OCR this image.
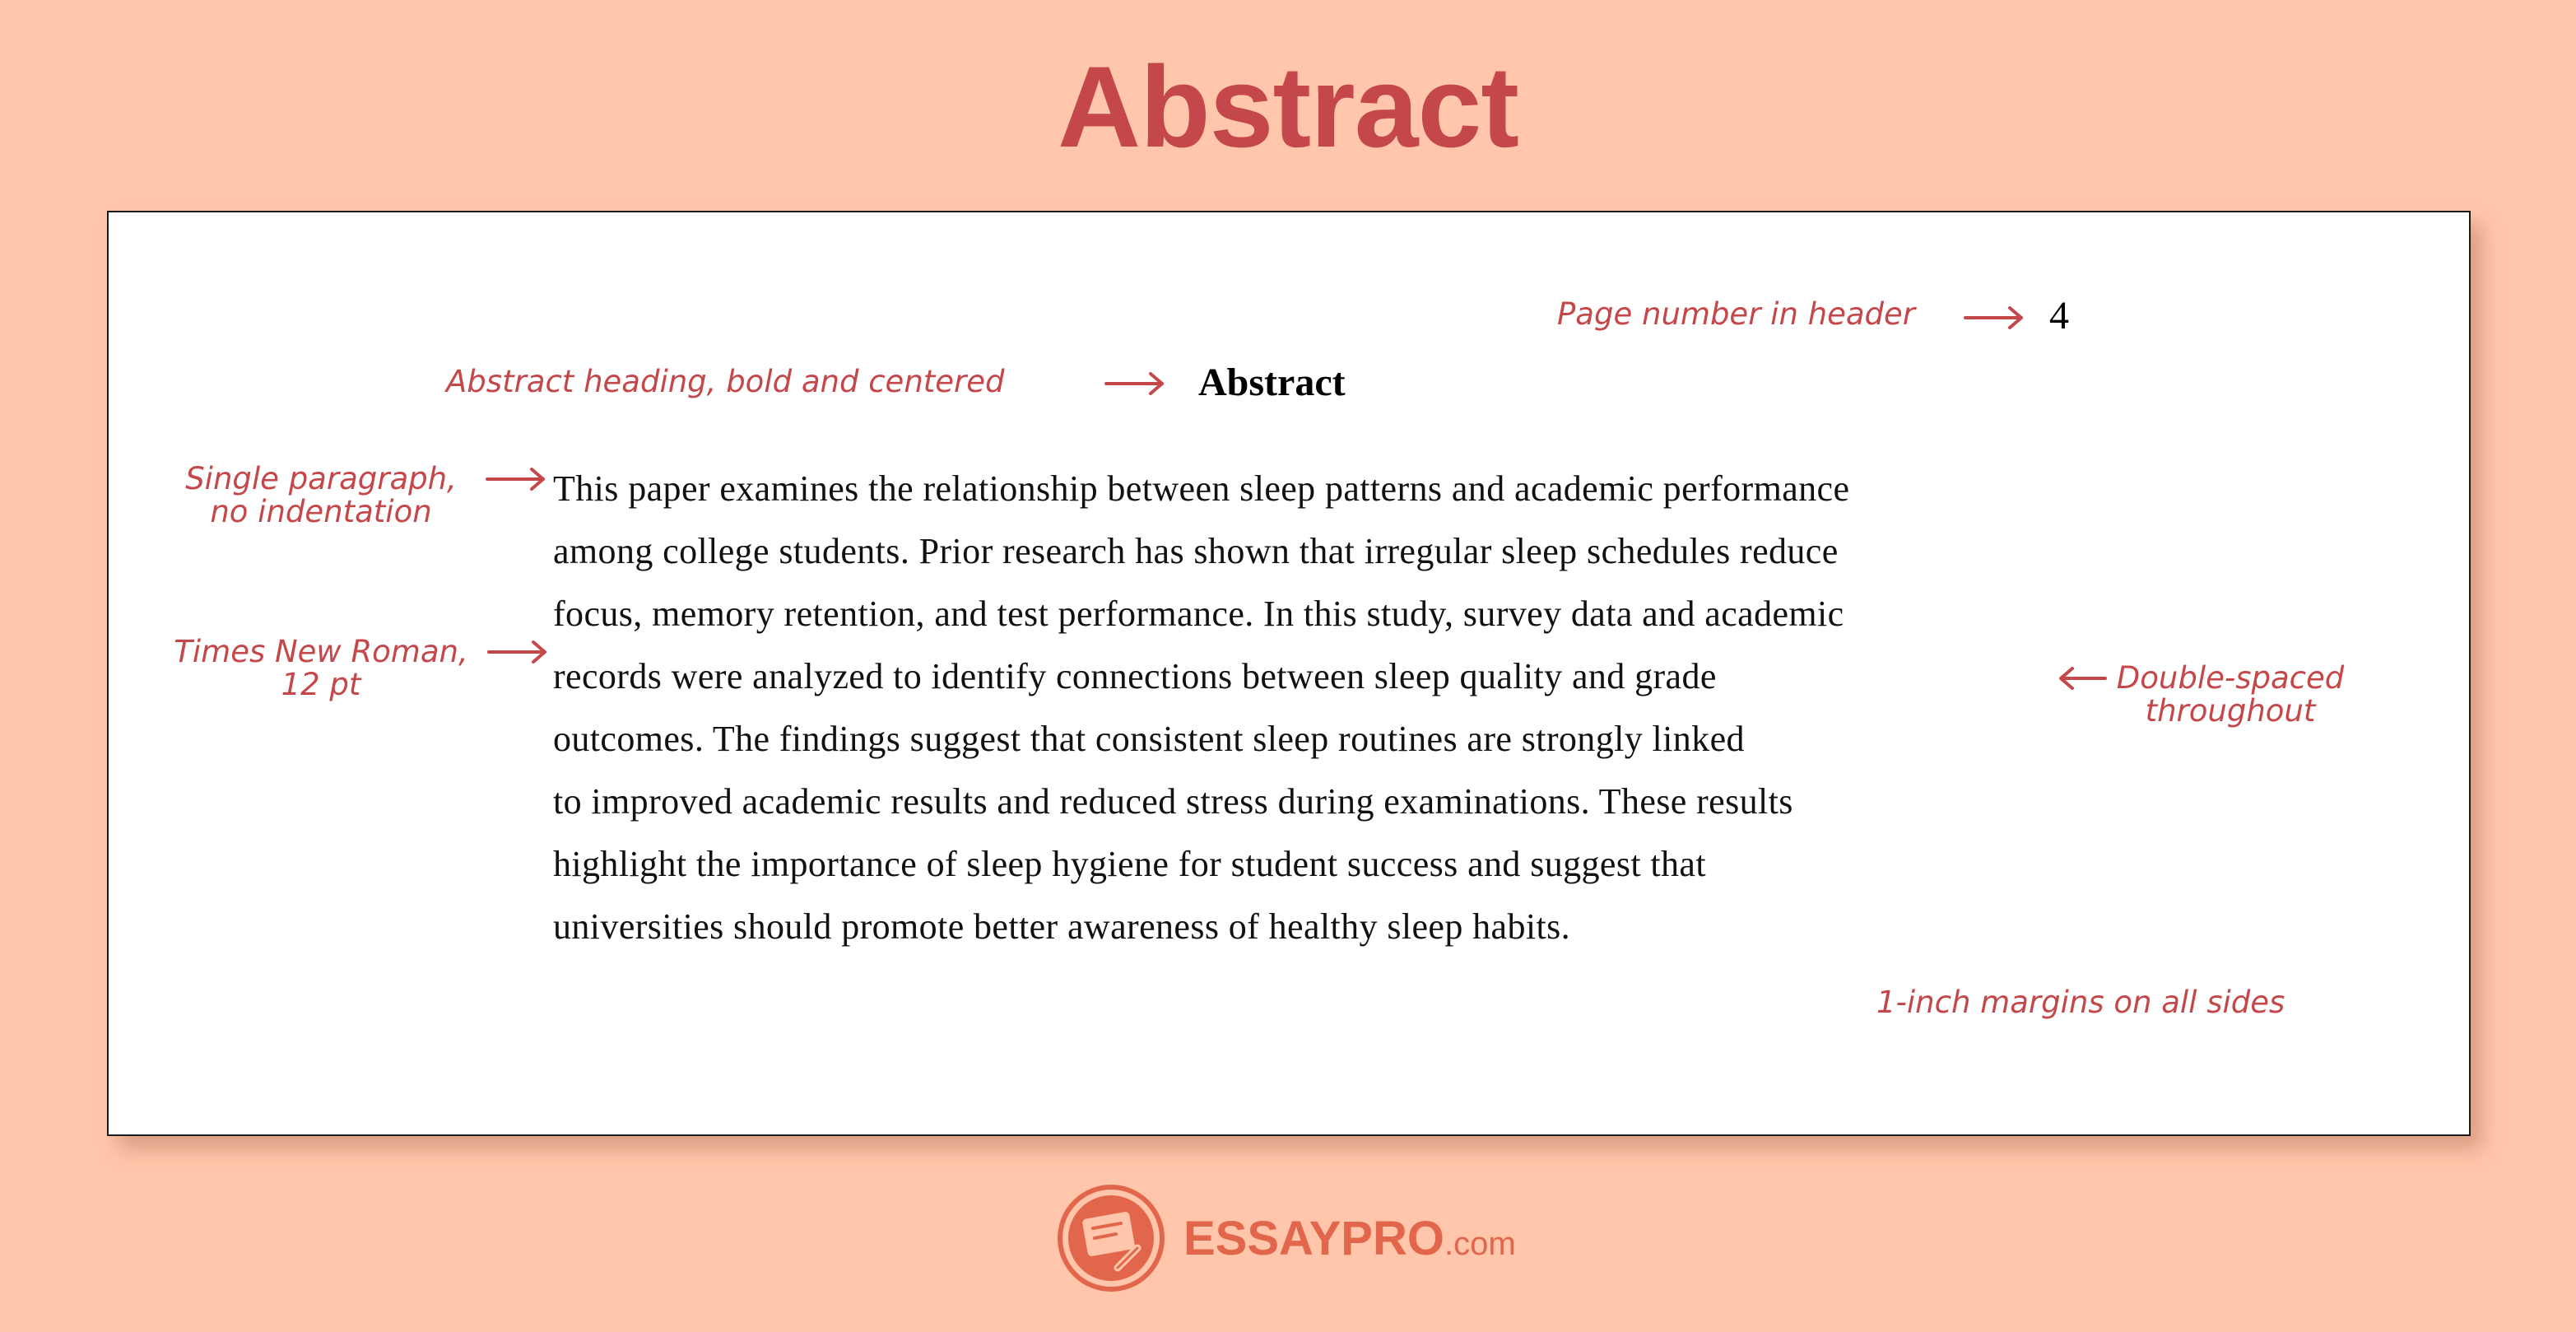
Abstract
Page number in header	4
Abstract heading, bold and centered	Abstract
Single paragraph,
no indentation
Times New Roman,
12 pt
This paper examines the relationship between sleep patterns and academic performance
among college students. Prior research has shown that irregular sleep schedules reduce
focus, memory retention, and test performance. In this study, survey data and academic
records were analyzed to identify connections between sleep quality and grade
outcomes. The findings suggest that consistent sleep routines are strongly linked
to improved academic results and reduced stress during examinations. These results
highlight the importance of sleep hygiene for student success and suggest that
universities should promote better awareness of healthy sleep habits.
Double-spaced
throughout
1-inch margins on all sides
ESSAYPRO.com
